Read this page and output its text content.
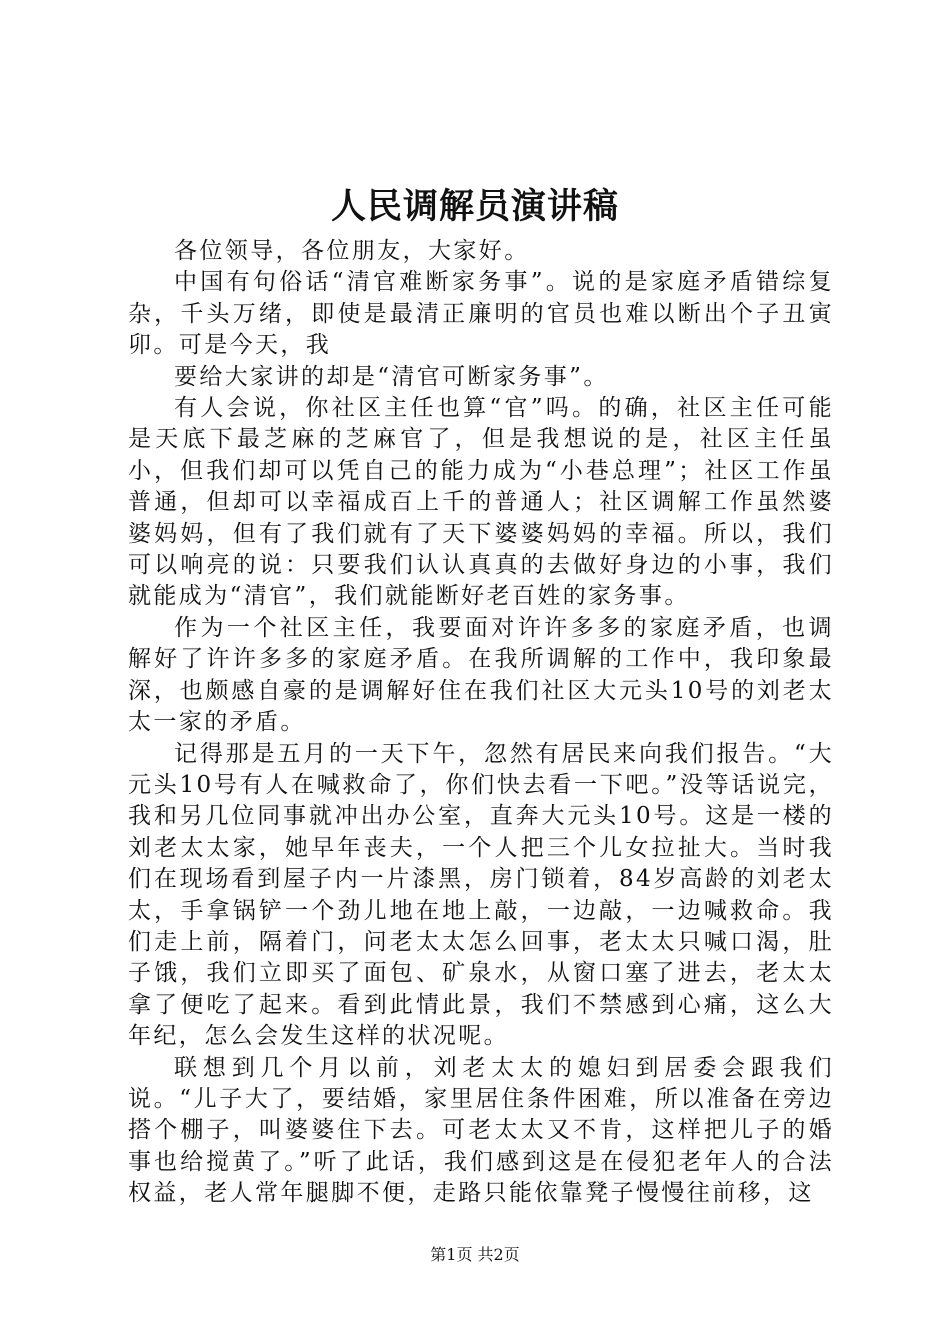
人民调解员演讲稿

各位领导，各位朋友，大家好。

中国有句俗话“清官难断家务事”。说的是家庭矛盾错综复杂，千头万绪，即使是最清正廉明的官员也难以断出个子丑寅卯。可是今天，我

要给大家讲的却是“清官可断家务事”。

有人会说，你社区主任也算“官”吗。的确，社区主任可能是天底下最芝麻的芝麻官了，但是我想说的是，社区主任虽小，但我们却可以凭自己的能力成为“小巷总理”；社区工作虽普通，但却可以幸福成百上千的普通人；社区调解工作虽然婆婆妈妈，但有了我们就有了天下婆婆妈妈的幸福。所以，我们可以响亮的说：只要我们认认真真的去做好身边的小事，我们就能成为“清官”，我们就能断好老百姓的家务事。

作为一个社区主任，我要面对许许多多的家庭矛盾，也调解好了许许多多的家庭矛盾。在我所调解的工作中，我印象最深，也颇感自豪的是调解好住在我们社区大元头10号的刘老太太一家的矛盾。

记得那是五月的一天下午，忽然有居民来向我们报告。“大元头10号有人在喊救命了，你们快去看一下吧。”没等话说完，我和另几位同事就冲出办公室，直奔大元头10号。这是一楼的刘老太太家，她早年丧夫，一个人把三个儿女拉扯大。当时我们在现场看到屋子内一片漆黑，房门锁着，84岁高龄的刘老太太，手拿锅铲一个劲儿地在地上敲，一边敲，一边喊救命。我们走上前，隔着门，问老太太怎么回事，老太太只喊口渴，肚子饿，我们立即买了面包、矿泉水，从窗口塞了进去，老太太拿了便吃了起来。看到此情此景，我们不禁感到心痛，这么大年纪，怎么会发生这样的状况呢。

联想到几个月以前，刘老太太的媳妇到居委会跟我们说。“儿子大了，要结婚，家里居住条件困难，所以准备在旁边搭个棚子，叫婆婆住下去。可老太太又不肯，这样把儿子的婚事也给搅黄了。”听了此话，我们感到这是在侵犯老年人的合法权益，老人常年腿脚不便，走路只能依靠凳子慢慢往前移，这

第1页 共2页
